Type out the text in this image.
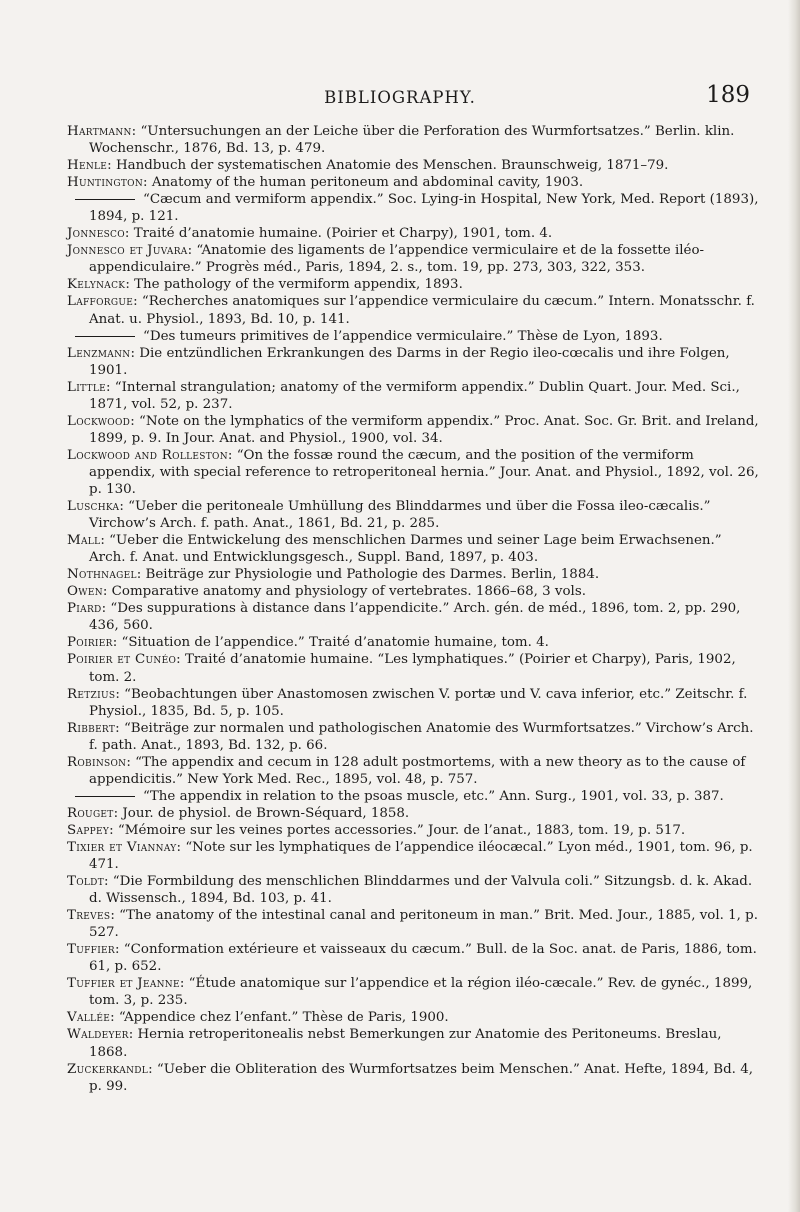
BIBLIOGRAPHY.	189

Hartmann: “Untersuchungen an der Leiche über die Perforation des Wurmfortsatzes.” Berlin. klin. Wochenschr., 1876, Bd. 13, p. 479.

Henle: Handbuch der systematischen Anatomie des Menschen. Braunschweig, 1871–79.

Huntington: Anatomy of the human peritoneum and abdominal cavity, 1903.

“Cæcum and vermiform appendix.” Soc. Lying-in Hospital, New York, Med. Report (1893), 1894, p. 121.

Jonnesco: Traité d’anatomie humaine. (Poirier et Charpy), 1901, tom. 4.

Jonnesco et Juvara: “Anatomie des ligaments de l’appendice vermiculaire et de la fossette iléo-appendiculaire.” Progrès méd., Paris, 1894, 2. s., tom. 19, pp. 273, 303, 322, 353.

Kelynack: The pathology of the vermiform appendix, 1893.

Lafforgue: “Recherches anatomiques sur l’appendice vermiculaire du cæcum.” Intern. Monatsschr. f. Anat. u. Physiol., 1893, Bd. 10, p. 141.

“Des tumeurs primitives de l’appendice vermiculaire.” Thèse de Lyon, 1893.

Lenzmann: Die entzündlichen Erkrankungen des Darms in der Regio ileo-cœcalis und ihre Folgen, 1901.

Little: “Internal strangulation; anatomy of the vermiform appendix.” Dublin Quart. Jour. Med. Sci., 1871, vol. 52, p. 237.

Lockwood: “Note on the lymphatics of the vermiform appendix.” Proc. Anat. Soc. Gr. Brit. and Ireland, 1899, p. 9. In Jour. Anat. and Physiol., 1900, vol. 34.

Lockwood and Rolleston: “On the fossæ round the cæcum, and the position of the vermiform appendix, with special reference to retroperitoneal hernia.” Jour. Anat. and Physiol., 1892, vol. 26, p. 130.

Luschka: “Ueber die peritoneale Umhüllung des Blinddarmes und über die Fossa ileo-cæcalis.” Virchow’s Arch. f. path. Anat., 1861, Bd. 21, p. 285.

Mall: “Ueber die Entwickelung des menschlichen Darmes und seiner Lage beim Erwachsenen.” Arch. f. Anat. und Entwicklungsgesch., Suppl. Band, 1897, p. 403.

Nothnagel: Beiträge zur Physiologie und Pathologie des Darmes. Berlin, 1884.

Owen: Comparative anatomy and physiology of vertebrates. 1866–68, 3 vols.

Piard: “Des suppurations à distance dans l’appendicite.” Arch. gén. de méd., 1896, tom. 2, pp. 290, 436, 560.

Poirier: “Situation de l’appendice.” Traité d’anatomie humaine, tom. 4.

Poirier et Cunéo: Traité d’anatomie humaine. “Les lymphatiques.” (Poirier et Charpy), Paris, 1902, tom. 2.

Retzius: “Beobachtungen über Anastomosen zwischen V. portæ und V. cava inferior, etc.” Zeitschr. f. Physiol., 1835, Bd. 5, p. 105.

Ribbert: “Beiträge zur normalen und pathologischen Anatomie des Wurmfortsatzes.” Virchow’s Arch. f. path. Anat., 1893, Bd. 132, p. 66.

Robinson: “The appendix and cecum in 128 adult postmortems, with a new theory as to the cause of appendicitis.” New York Med. Rec., 1895, vol. 48, p. 757.

“The appendix in relation to the psoas muscle, etc.” Ann. Surg., 1901, vol. 33, p. 387.

Rouget: Jour. de physiol. de Brown-Séquard, 1858.

Sappey: “Mémoire sur les veines portes accessories.” Jour. de l’anat., 1883, tom. 19, p. 517.

Tixier et Viannay: “Note sur les lymphatiques de l’appendice iléocæcal.” Lyon méd., 1901, tom. 96, p. 471.

Toldt: “Die Formbildung des menschlichen Blinddarmes und der Valvula coli.” Sitzungsb. d. k. Akad. d. Wissensch., 1894, Bd. 103, p. 41.

Treves: “The anatomy of the intestinal canal and peritoneum in man.” Brit. Med. Jour., 1885, vol. 1, p. 527.

Tuffier: “Conformation extérieure et vaisseaux du cæcum.” Bull. de la Soc. anat. de Paris, 1886, tom. 61, p. 652.

Tuffier et Jeanne: “Étude anatomique sur l’appendice et la région iléo-cæcale.” Rev. de gynéc., 1899, tom. 3, p. 235.

Vallée: “Appendice chez l’enfant.” Thèse de Paris, 1900.

Waldeyer: Hernia retroperitonealis nebst Bemerkungen zur Anatomie des Peritoneums. Breslau, 1868.

Zuckerkandl: “Ueber die Obliteration des Wurmfortsatzes beim Menschen.” Anat. Hefte, 1894, Bd. 4, p. 99.
